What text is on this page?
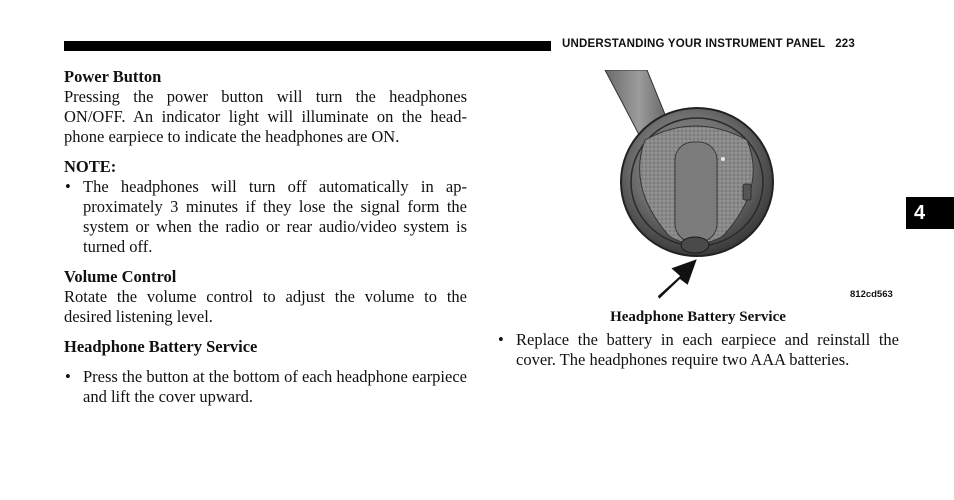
UNDERSTANDING YOUR INSTRUMENT PANEL 223
Power Button

Pressing the power button will turn the headphones ON/OFF. An indicator light will illuminate on the head-phone earpiece to indicate the headphones are ON.

NOTE:
• The headphones will turn off automatically in ap-proximately 3 minutes if they lose the signal form the system or when the radio or rear audio/video system is turned off.
Volume Control

Rotate the volume control to adjust the volume to the desired listening level.

Headphone Battery Service
• Press the button at the bottom of each headphone earpiece and lift the cover upward.
812cd563
Headphone Battery Service
• Replace the battery in each earpiece and reinstall the cover. The headphones require two AAA batteries.
4
